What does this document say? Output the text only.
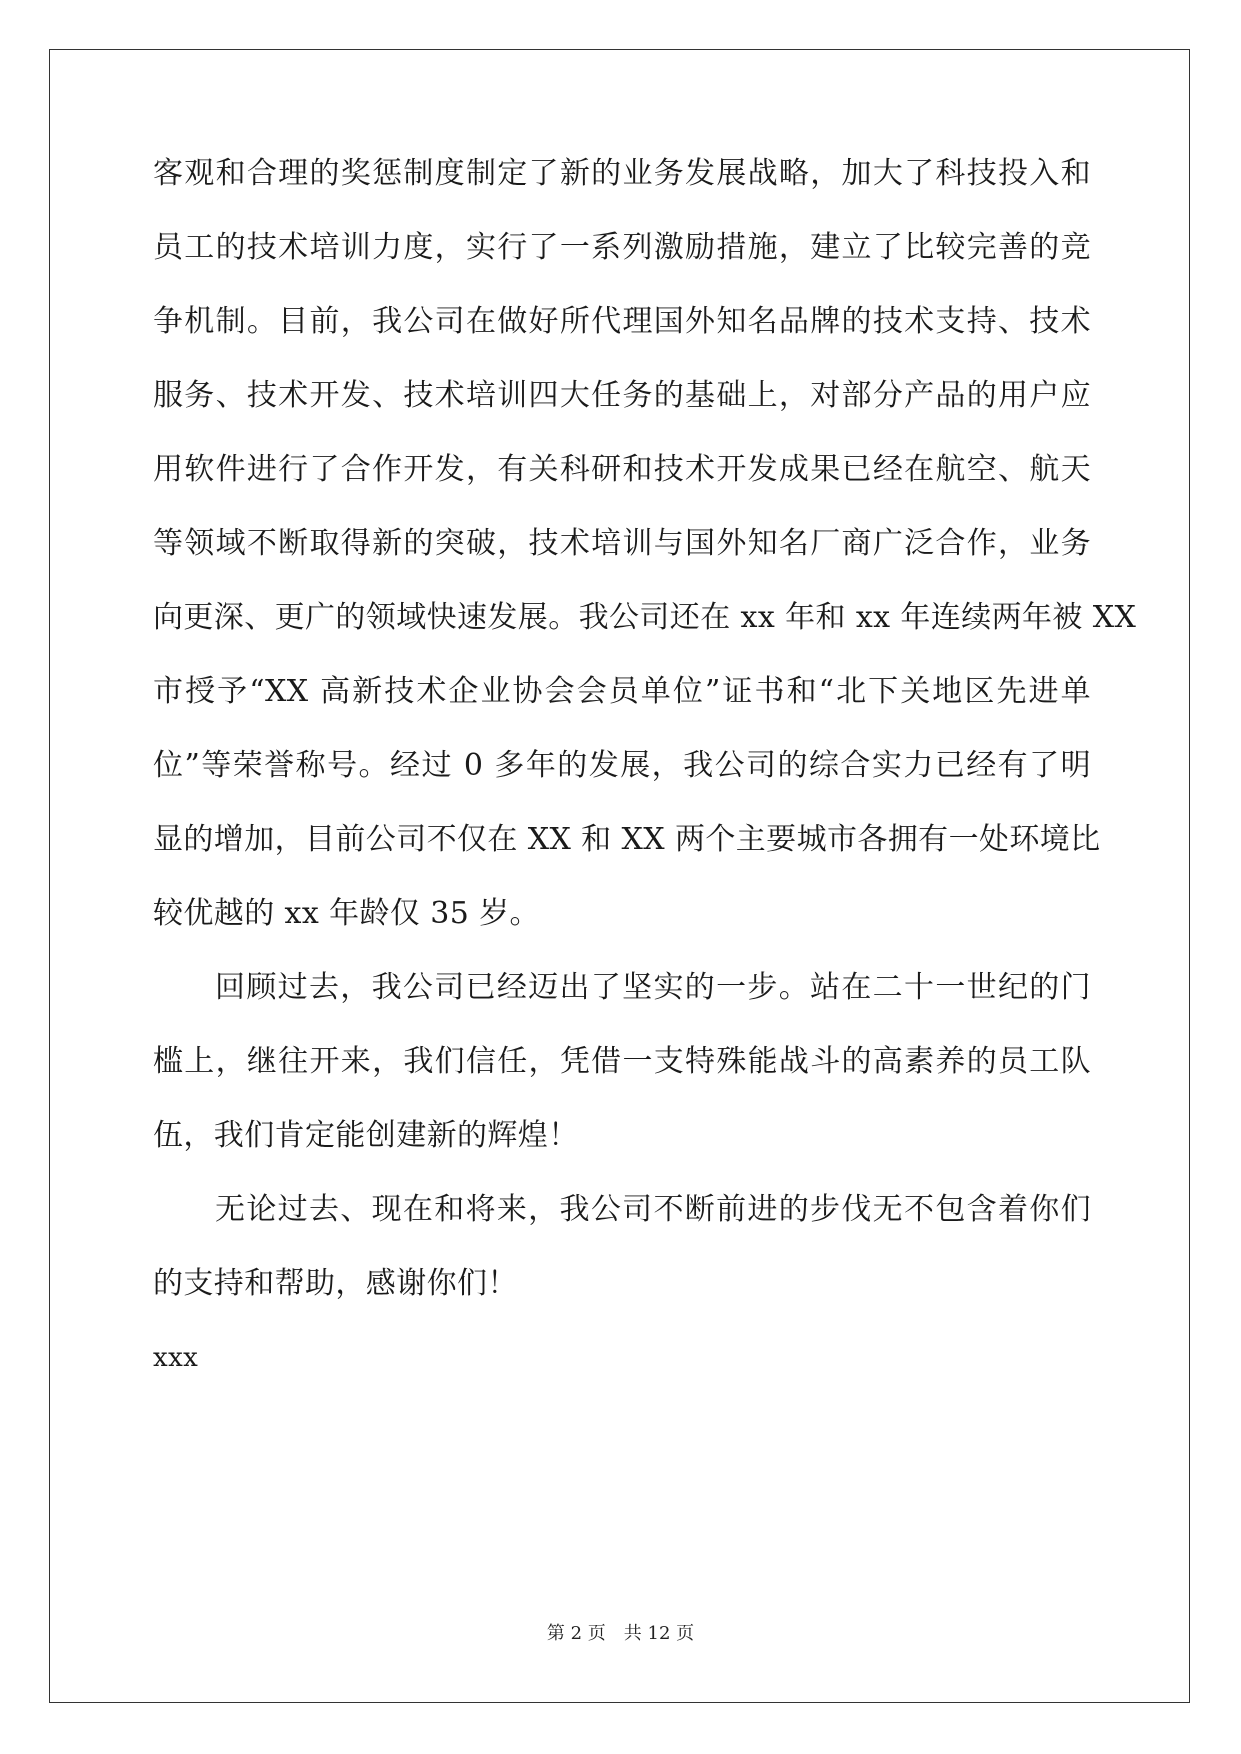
客观和合理的奖惩制度制定了新的业务发展战略，加大了科技投入和
员工的技术培训力度，实行了一系列激励措施，建立了比较完善的竞
争机制。目前，我公司在做好所代理国外知名品牌的技术支持、技术
服务、技术开发、技术培训四大任务的基础上，对部分产品的用户应
用软件进行了合作开发，有关科研和技术开发成果已经在航空、航天
等领域不断取得新的突破，技术培训与国外知名厂商广泛合作，业务
向更深、更广的领域快速发展。我公司还在 xx 年和 xx 年连续两年被 XX
市授予“XX 高新技术企业协会会员单位”证书和“北下关地区先进单
位”等荣誉称号。经过 0 多年的发展，我公司的综合实力已经有了明
显的增加，目前公司不仅在 XX 和 XX 两个主要城市各拥有一处环境比
较优越的 xx 年龄仅 35 岁。
回顾过去，我公司已经迈出了坚实的一步。站在二十一世纪的门
槛上，继往开来，我们信任，凭借一支特殊能战斗的高素养的员工队
伍，我们肯定能创建新的辉煌！
无论过去、现在和将来，我公司不断前进的步伐无不包含着你们
的支持和帮助，感谢你们！
xxx
第 2 页　共 12 页
